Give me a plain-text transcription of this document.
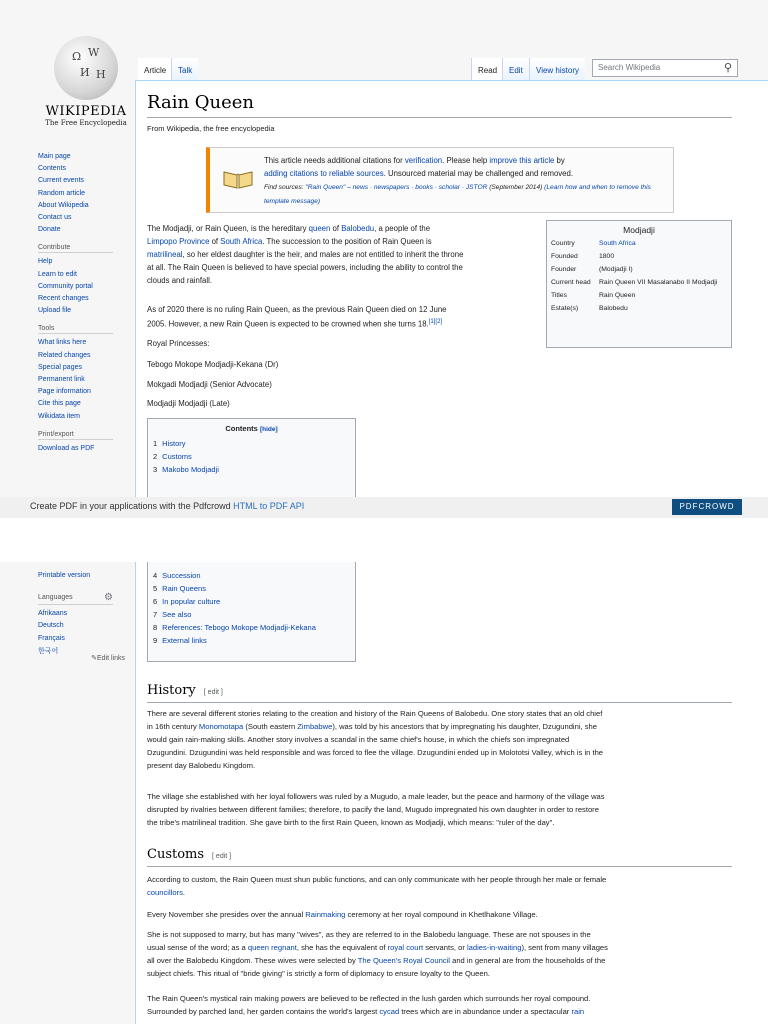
Ω W
И H
WIKIPEDIA
The Free Encyclopedia
Main page
Contents
Current events
Random article
About Wikipedia
Contact us
Donate
Contribute
Help
Learn to edit
Community portal
Recent changes
Upload file
Tools
What links here
Related changes
Special pages
Permanent link
Page information
Cite this page
Wikidata item
Print/export
Download as PDF
Article	Talk	Read	Edit	View history	Search Wikipedia	⚲
Rain Queen
From Wikipedia, the free encyclopedia
This article needs additional citations for verification. Please help improve this article by
adding citations to reliable sources. Unsourced material may be challenged and removed.
Find sources: "Rain Queen" – news · newspapers · books · scholar · JSTOR (September 2014) (Learn how and when to remove this template message)
The Modjadji, or Rain Queen, is the hereditary queen of Balobedu, a people of the
Limpopo Province of South Africa. The succession to the position of Rain Queen is
matrilineal, so her eldest daughter is the heir, and males are not entitled to inherit the throne
at all. The Rain Queen is believed to have special powers, including the ability to control the
clouds and rainfall.
As of 2020 there is no ruling Rain Queen, as the previous Rain Queen died on 12 June
2005. However, a new Rain Queen is expected to be crowned when she turns 18.[1][2]
Royal Princesses:
Tebogo Mokope Modjadji-Kekana (Dr)
Mokgadi Modjadji (Senior Advocate)
Modjadji Modjadji (Late)
Modjadji
Country	South Africa
Founded	1800
Founder	(Modjadji I)
Current head	Rain Queen VII Masalanabo II Modjadji
Titles	Rain Queen
Estate(s)	Balobedu
Contents [hide]
1 History
2 Customs
3 Makobo Modjadji
Create PDF in your applications with the Pdfcrowd HTML to PDF API	PDFCROWD
Printable version
Languages	⚙
Afrikaans
Deutsch
Français
한국어
✎Edit links
4 Succession
5 Rain Queens
6 In popular culture
7 See also
8 References: Tebogo Mokope Modjadji-Kekana
9 External links
History [ edit ]
There are several different stories relating to the creation and history of the Rain Queens of Balobedu. One story states that an old chief
in 16th century Monomotapa (South eastern Zimbabwe), was told by his ancestors that by impregnating his daughter, Dzugundini, she
would gain rain-making skills. Another story involves a scandal in the same chief's house, in which the chiefs son impregnated
Dzugundini. Dzugundini was held responsible and was forced to flee the village. Dzugundini ended up in Molototsi Valley, which is in the
present day Balobedu Kingdom.
The village she established with her loyal followers was ruled by a Mugudo, a male leader, but the peace and harmony of the village was
disrupted by rivalries between different families; therefore, to pacify the land, Mugudo impregnated his own daughter in order to restore
the tribe's matrilineal tradition. She gave birth to the first Rain Queen, known as Modjadji, which means: "ruler of the day".
Customs [ edit ]
According to custom, the Rain Queen must shun public functions, and can only communicate with her people through her male or female
councillors.
Every November she presides over the annual Rainmaking ceremony at her royal compound in Khetlhakone Village.
She is not supposed to marry, but has many "wives", as they are referred to in the Balobedu language. These are not spouses in the
usual sense of the word; as a queen regnant, she has the equivalent of royal court servants, or ladies-in-waiting), sent from many villages
all over the Balobedu Kingdom. These wives were selected by The Queen's Royal Council and in general are from the households of the
subject chiefs. This ritual of "bride giving" is strictly a form of diplomacy to ensure loyalty to the Queen.
The Rain Queen's mystical rain making powers are believed to be reflected in the lush garden which surrounds her royal compound.
Surrounded by parched land, her garden contains the world's largest cycad trees which are in abundance under a spectacular rain
